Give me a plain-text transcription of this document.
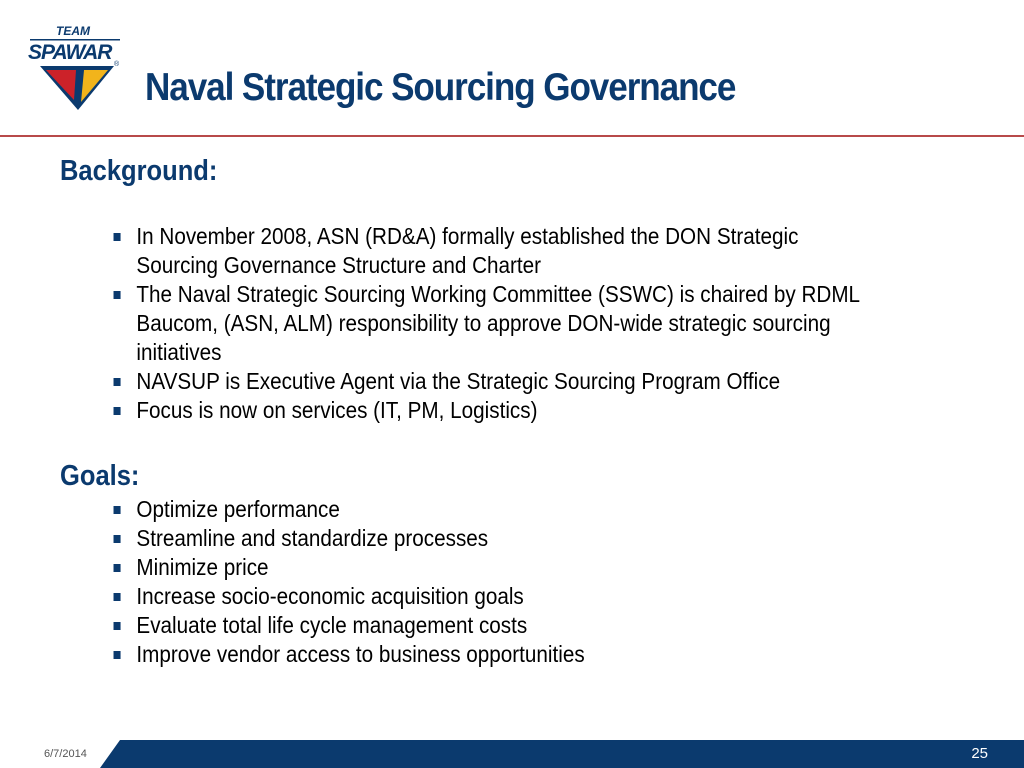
TEAM
SPAWAR
®
Naval Strategic Sourcing Governance
Background:
In November 2008, ASN (RD&A) formally established the DON Strategic
Sourcing Governance Structure and Charter
The Naval Strategic Sourcing Working Committee (SSWC) is chaired by RDML
Baucom, (ASN, ALM) responsibility to approve DON-wide strategic sourcing
initiatives
NAVSUP is Executive Agent via the Strategic Sourcing Program Office
Focus is now on services (IT, PM, Logistics)
Goals:
Optimize performance
Streamline and standardize processes
Minimize price
Increase socio-economic acquisition goals
Evaluate total life cycle management costs
Improve vendor access to business opportunities
6/7/2014	25
